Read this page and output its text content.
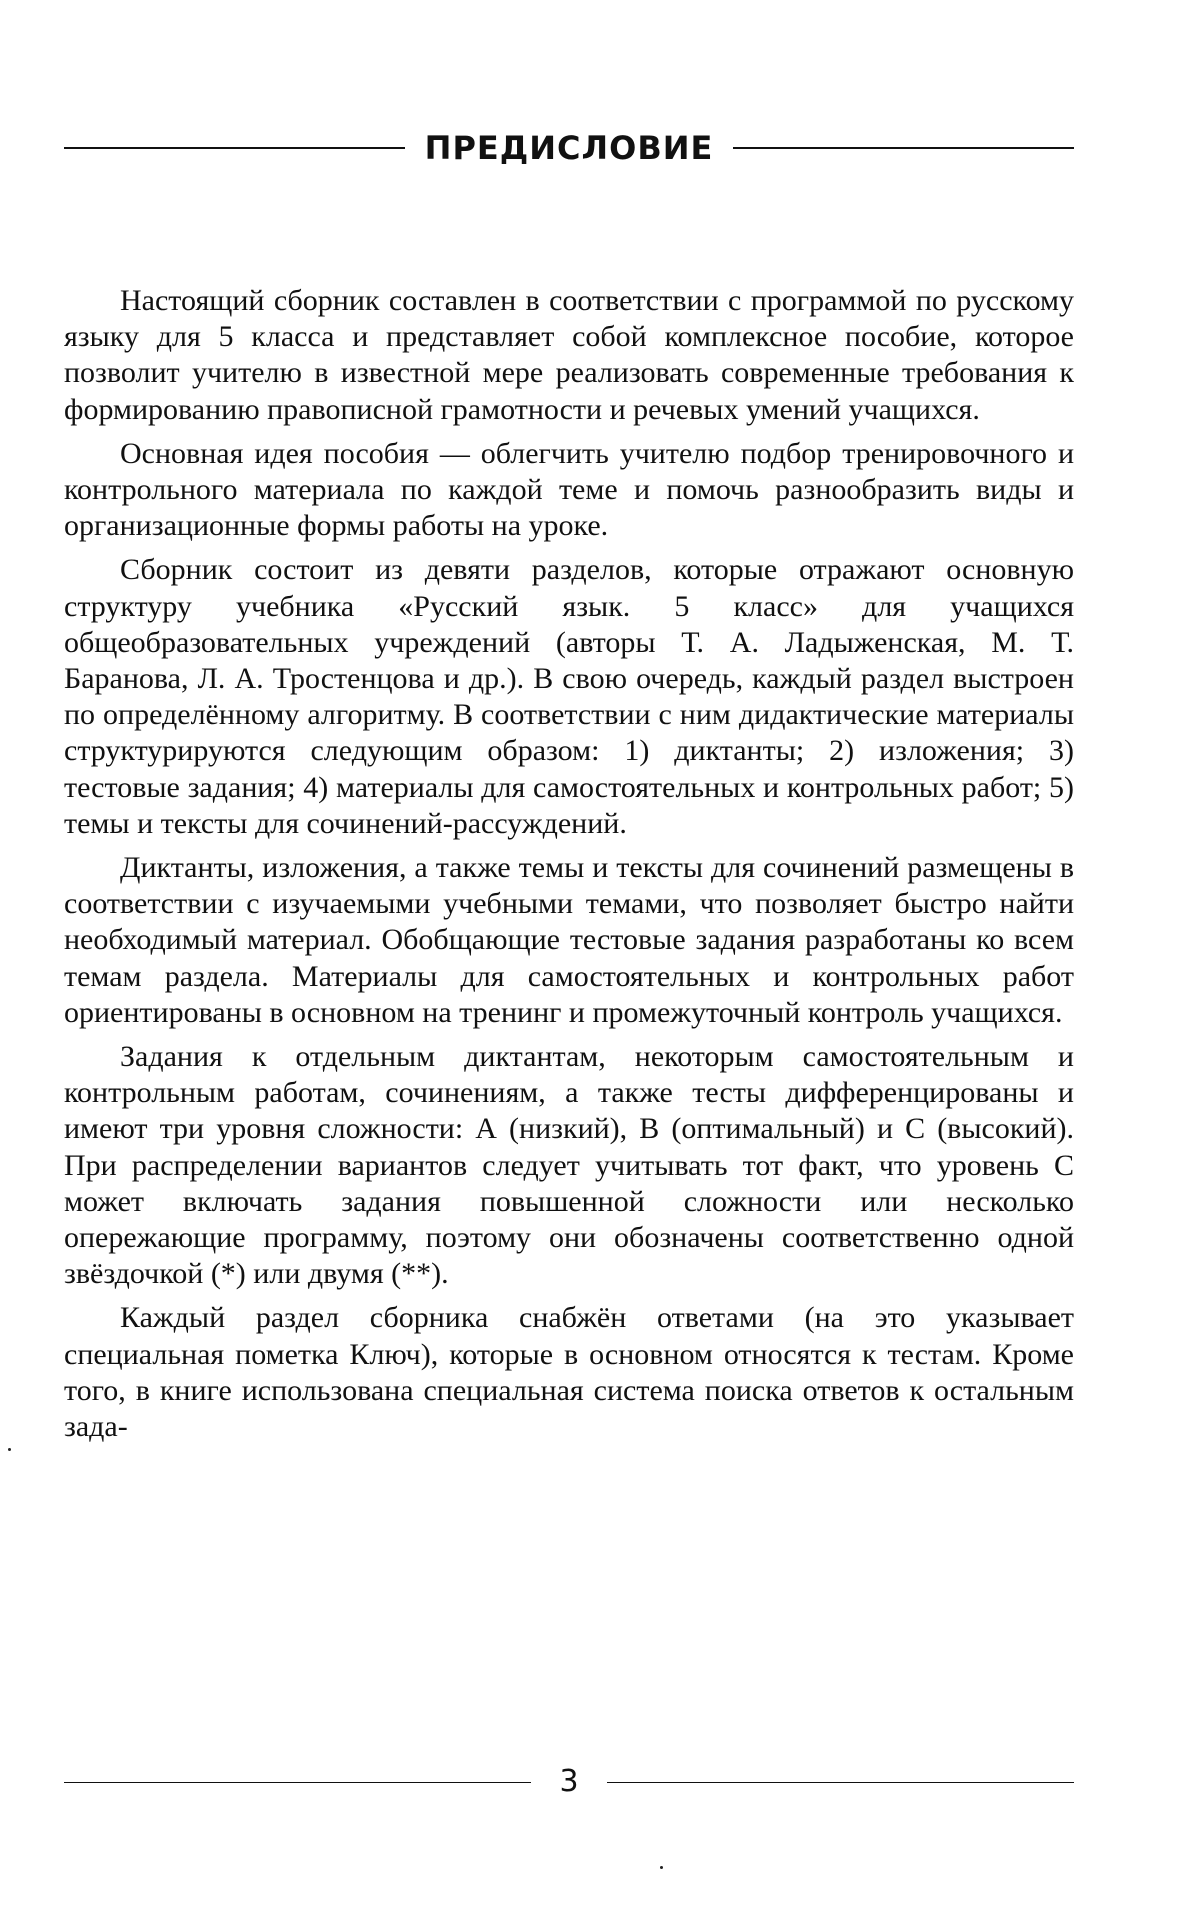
ПРЕДИСЛОВИЕ

Настоящий сборник составлен в соответствии с программой по русскому языку для 5 класса и представляет собой комплексное пособие, которое позволит учителю в известной мере реализовать современные требования к формированию правописной грамотности и речевых умений учащихся.

Основная идея пособия — облегчить учителю подбор тренировочного и контрольного материала по каждой теме и помочь разнообразить виды и организационные формы работы на уроке.

Сборник состоит из девяти разделов, которые отражают основную структуру учебника «Русский язык. 5 класс» для учащихся общеобразовательных учреждений (авторы Т. А. Ладыженская, М. Т. Баранова, Л. А. Тростенцова и др.). В свою очередь, каждый раздел выстроен по определённому алгоритму. В соответствии с ним дидактические материалы структурируются следующим образом: 1) диктанты; 2) изложения; 3) тестовые задания; 4) материалы для самостоятельных и контрольных работ; 5) темы и тексты для сочинений-рассуждений.

Диктанты, изложения, а также темы и тексты для сочинений размещены в соответствии с изучаемыми учебными темами, что позволяет быстро найти необходимый материал. Обобщающие тестовые задания разработаны ко всем темам раздела. Материалы для самостоятельных и контрольных работ ориентированы в основном на тренинг и промежуточный контроль учащихся.

Задания к отдельным диктантам, некоторым самостоятельным и контрольным работам, сочинениям, а также тесты дифференцированы и имеют три уровня сложности: А (низкий), В (оптимальный) и С (высокий). При распределении вариантов следует учитывать тот факт, что уровень С может включать задания повышенной сложности или несколько опережающие программу, поэтому они обозначены соответственно одной звёздочкой (*) или двумя (**).

Каждый раздел сборника снабжён ответами (на это указывает специальная пометка Ключ), которые в основном относятся к тестам. Кроме того, в книге использована специальная система поиска ответов к остальным зада-

3
